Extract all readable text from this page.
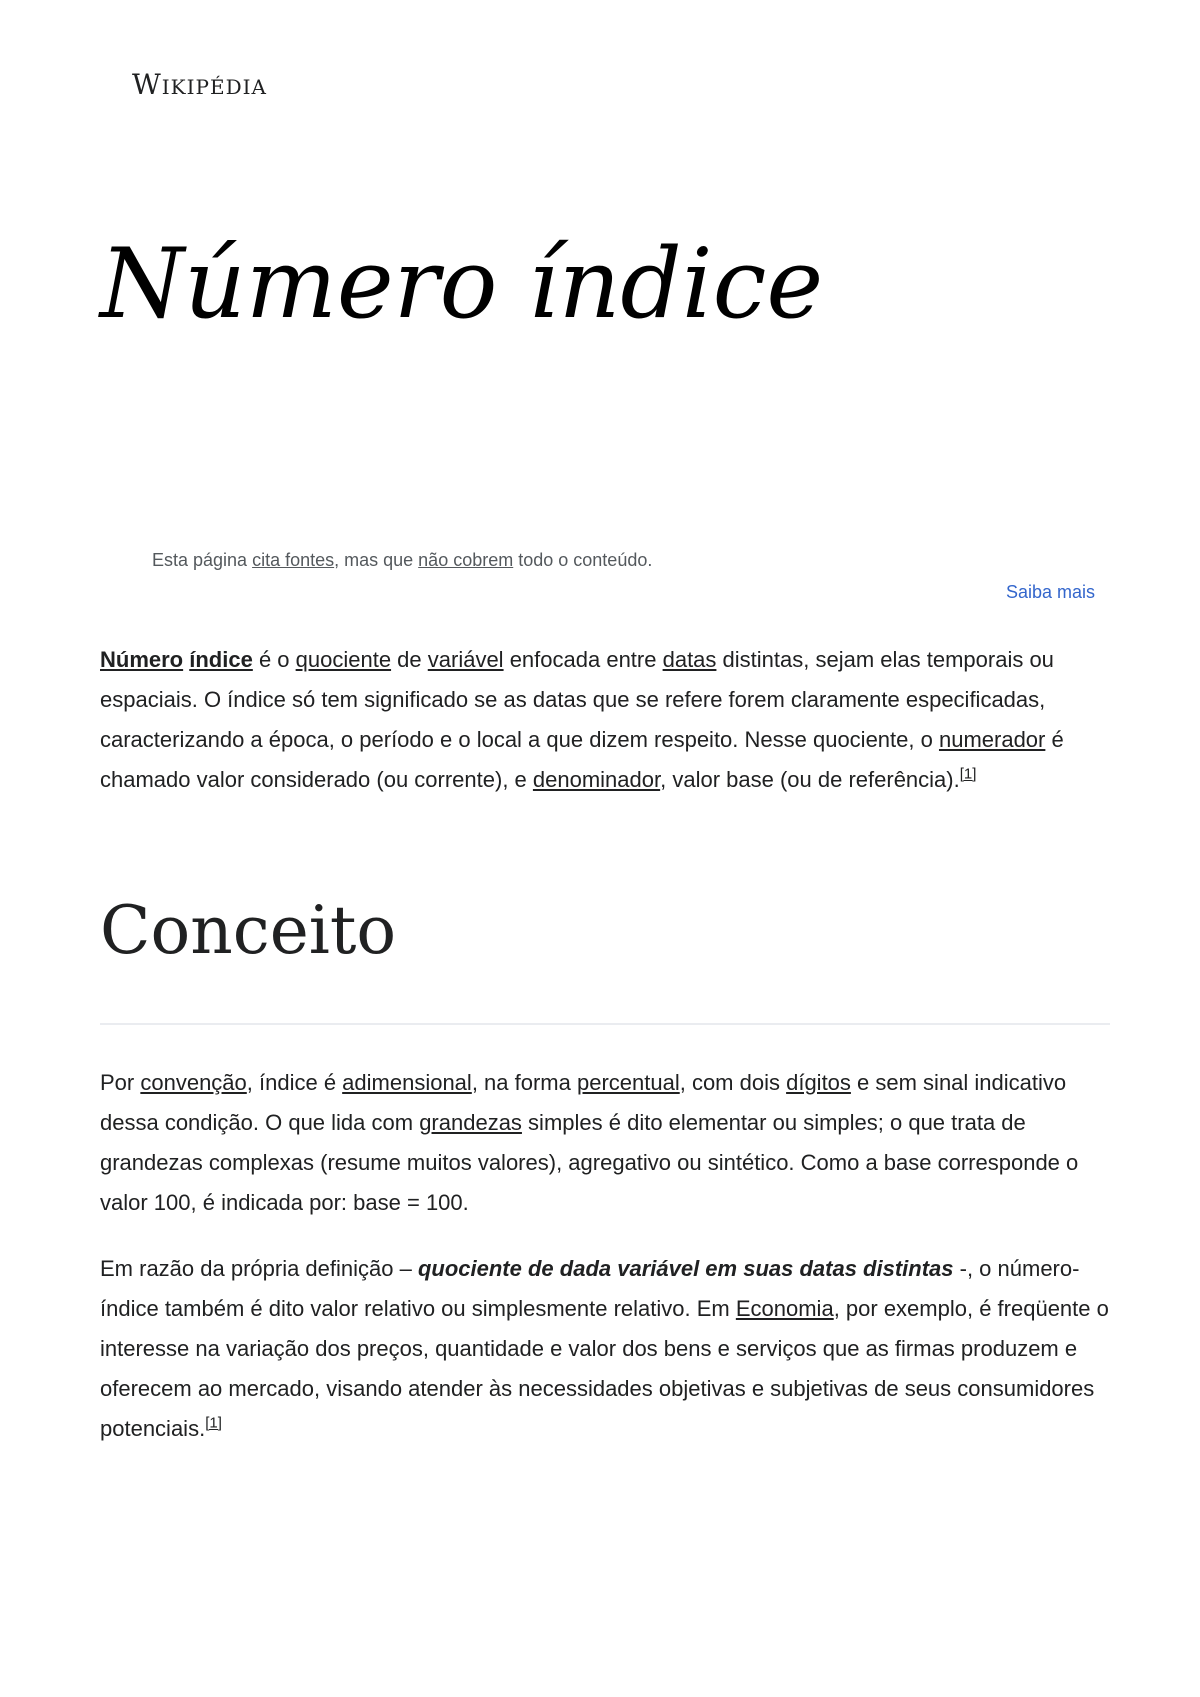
Wikipédia
Número índice
Esta página cita fontes, mas que não cobrem todo o conteúdo.
Saiba mais

Número índice é o quociente de variável enfocada entre datas distintas, sejam elas temporais ou espaciais. O índice só tem significado se as datas que se refere forem claramente especificadas, caracterizando a época, o período e o local a que dizem respeito. Nesse quociente, o numerador é chamado valor considerado (ou corrente), e denominador, valor base (ou de referência).[1]

Conceito

Por convenção, índice é adimensional, na forma percentual, com dois dígitos e sem sinal indicativo dessa condição. O que lida com grandezas simples é dito elementar ou simples; o que trata de grandezas complexas (resume muitos valores), agregativo ou sintético. Como a base corresponde o valor 100, é indicada por: base = 100.

Em razão da própria definição – quociente de dada variável em suas datas distintas -, o número-índice também é dito valor relativo ou simplesmente relativo. Em Economia, por exemplo, é freqüente o interesse na variação dos preços, quantidade e valor dos bens e serviços que as firmas produzem e oferecem ao mercado, visando atender às necessidades objetivas e subjetivas de seus consumidores potenciais.[1]
